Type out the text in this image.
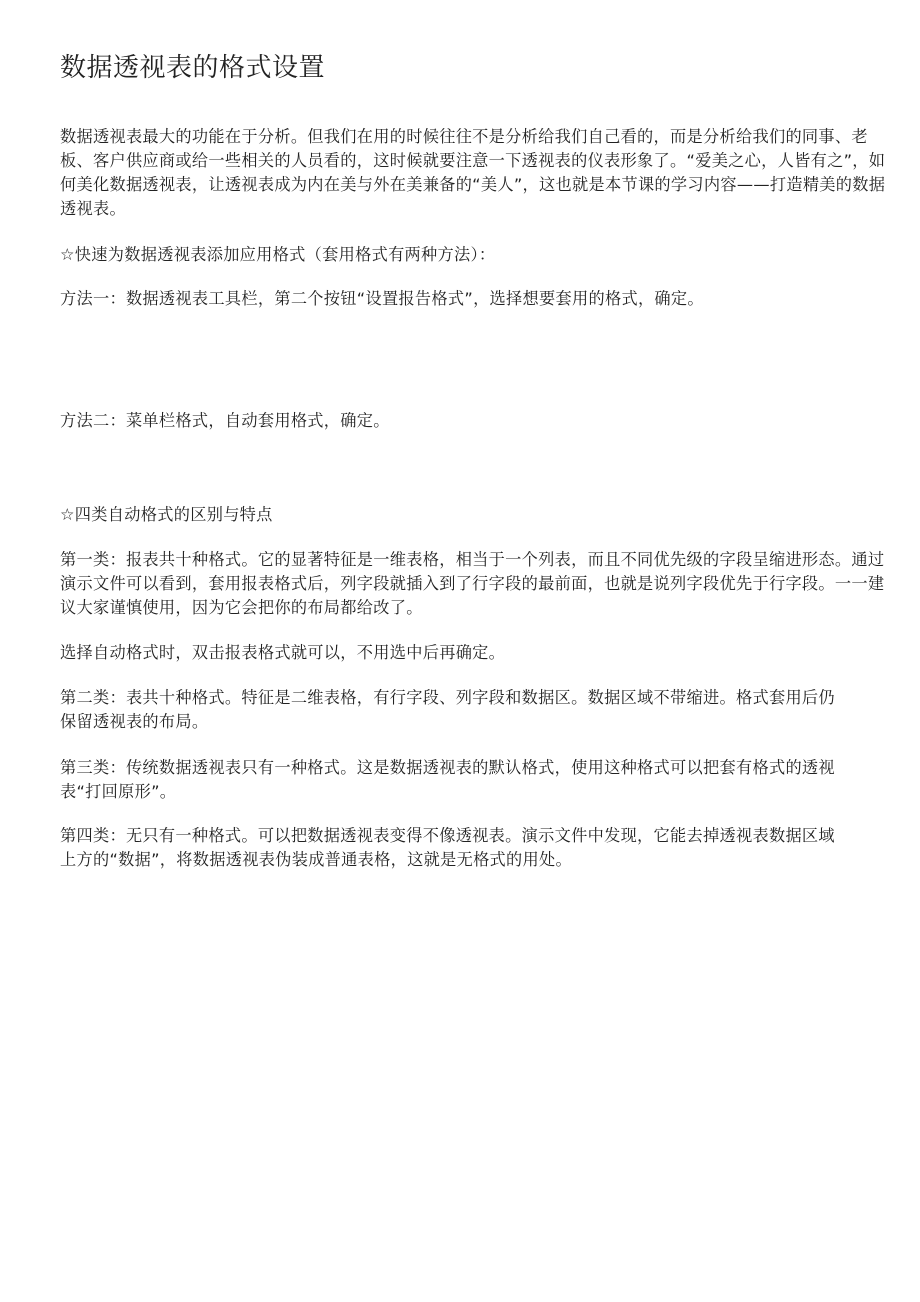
数据透视表的格式设置

数据透视表最大的功能在于分析。但我们在用的时候往往不是分析给我们自己看的，而是分析给我们的同事、老板、客户供应商或给一些相关的人员看的，这时候就要注意一下透视表的仪表形象了。“爱美之心，人皆有之”，如何美化数据透视表，让透视表成为内在美与外在美兼备的“美人”，这也就是本节课的学习内容——打造精美的数据透视表。

☆快速为数据透视表添加应用格式（套用格式有两种方法）：

方法一：数据透视表工具栏，第二个按钮“设置报告格式”，选择想要套用的格式，确定。

方法二：菜单栏格式，自动套用格式，确定。

☆四类自动格式的区别与特点

第一类：报表共十种格式。它的显著特征是一维表格，相当于一个列表，而且不同优先级的字段呈缩进形态。通过演示文件可以看到，套用报表格式后，列字段就插入到了行字段的最前面，也就是说列字段优先于行字段。一一建议大家谨慎使用，因为它会把你的布局都给改了。

选择自动格式时，双击报表格式就可以，不用选中后再确定。

第二类：表共十种格式。特征是二维表格，有行字段、列字段和数据区。数据区域不带缩进。格式套用后仍保留透视表的布局。

第三类：传统数据透视表只有一种格式。这是数据透视表的默认格式，使用这种格式可以把套有格式的透视表“打回原形”。

第四类：无只有一种格式。可以把数据透视表变得不像透视表。演示文件中发现，它能去掉透视表数据区域上方的“数据”，将数据透视表伪装成普通表格，这就是无格式的用处。
